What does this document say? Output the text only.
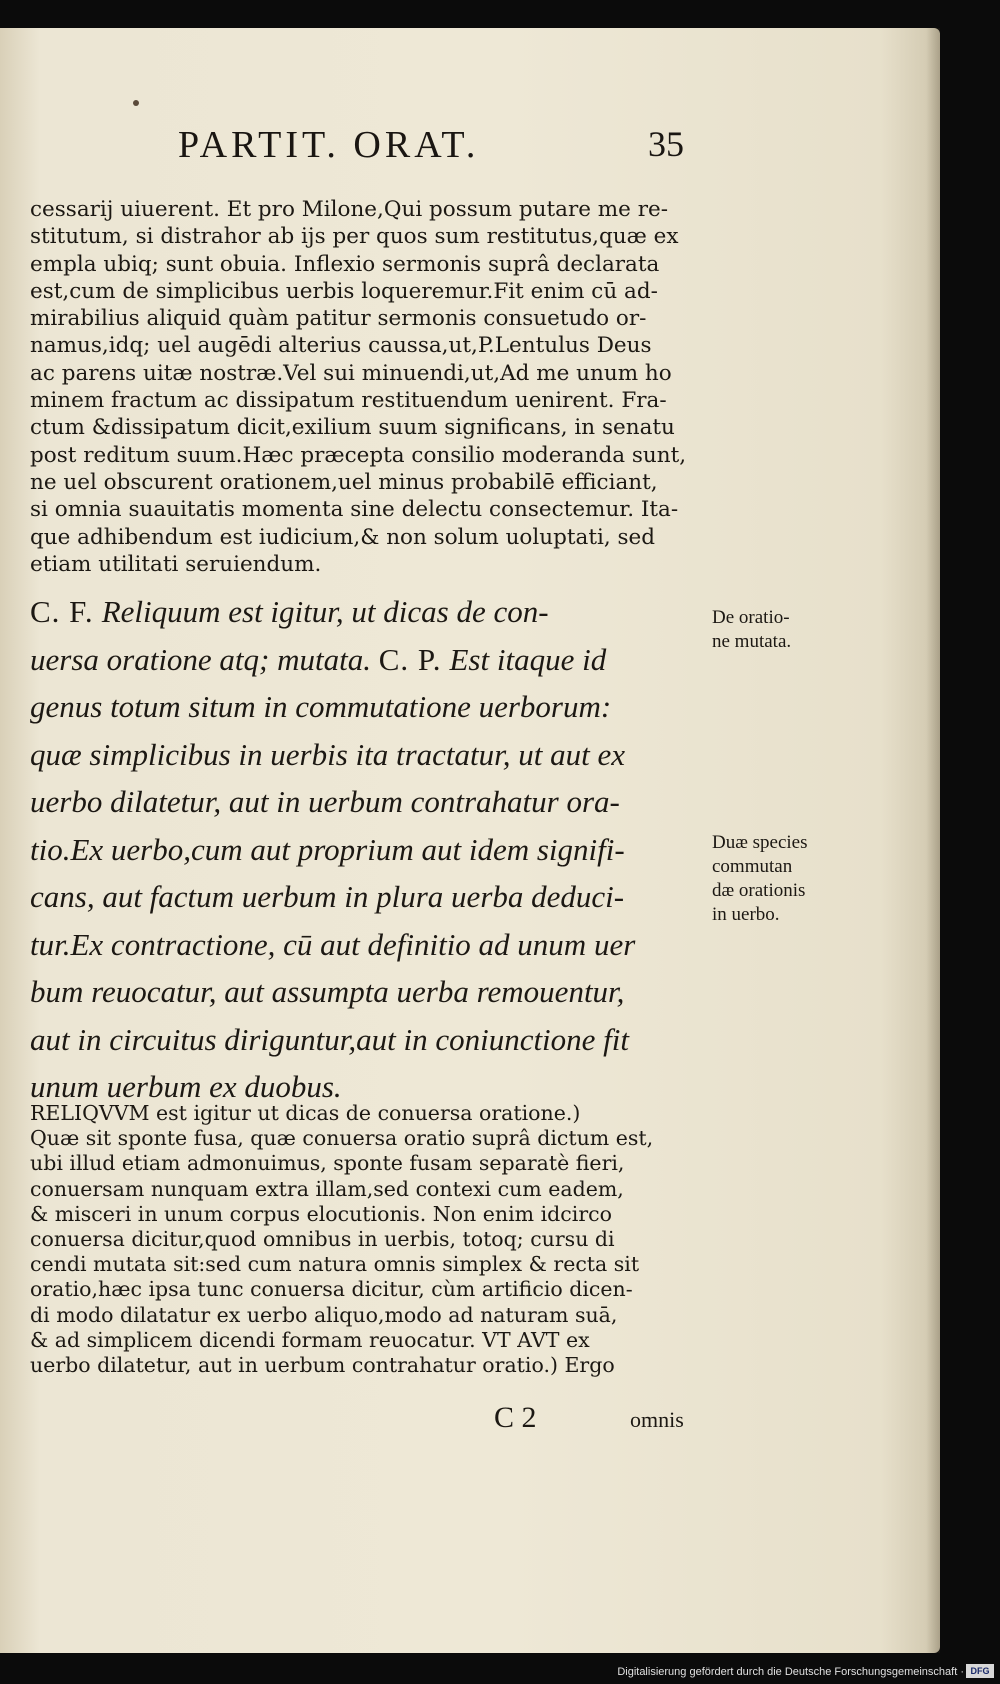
PARTIT. ORAT.	35
cessarij uiuerent. Et pro Milone,Qui possum putare me re-
stitutum, si distrahor ab ijs per quos sum restitutus,quæ ex
empla ubiq; sunt obuia. Inflexio sermonis suprâ declarata
est,cum de simplicibus uerbis loqueremur.Fit enim cū ad-
mirabilius aliquid quàm patitur sermonis consuetudo or-
namus,idq; uel augēdi alterius caussa,ut,P.Lentulus Deus
ac parens uitæ nostræ.Vel sui minuendi,ut,Ad me unum ho
minem fractum ac dissipatum restituendum uenirent. Fra-
ctum &dissipatum dicit,exilium suum significans, in senatu
post reditum suum.Hæc præcepta consilio moderanda sunt,
ne uel obscurent orationem,uel minus probabilē efficiant,
si omnia suauitatis momenta sine delectu consectemur. Ita-
que adhibendum est iudicium,& non solum uoluptati, sed
etiam utilitati seruiendum.
C. F. Reliquum est igitur, ut dicas de con-
uersa oratione atq; mutata. C. P. Est itaque id
genus totum situm in commutatione uerborum:
quæ simplicibus in uerbis ita tractatur, ut aut ex
uerbo dilatetur, aut in uerbum contrahatur ora-
tio.Ex uerbo,cum aut proprium aut idem signifi-
cans, aut factum uerbum in plura uerba deduci-
tur.Ex contractione, cū aut definitio ad unum uer
bum reuocatur, aut assumpta uerba remouentur,
aut in circuitus diriguntur,aut in coniunctione fit
unum uerbum ex duobus.
De oratio-
ne mutata.
Duæ species
commutan
dæ orationis
in uerbo.
RELIQVVM est igitur ut dicas de conuersa oratione.)
Quæ sit sponte fusa, quæ conuersa oratio suprâ dictum est,
ubi illud etiam admonuimus, sponte fusam separatè fieri,
conuersam nunquam extra illam,sed contexi cum eadem,
& misceri in unum corpus elocutionis. Non enim idcirco
conuersa dicitur,quod omnibus in uerbis, totoq; cursu di
cendi mutata sit:sed cum natura omnis simplex & recta sit
oratio,hæc ipsa tunc conuersa dicitur, cùm artificio dicen-
di modo dilatatur ex uerbo aliquo,modo ad naturam suā,
& ad simplicem dicendi formam reuocatur. VT AVT ex
uerbo dilatetur, aut in uerbum contrahatur oratio.) Ergo
C 2	omnis
Digitalisierung gefördert durch die Deutsche Forschungsgemeinschaft · DFG
